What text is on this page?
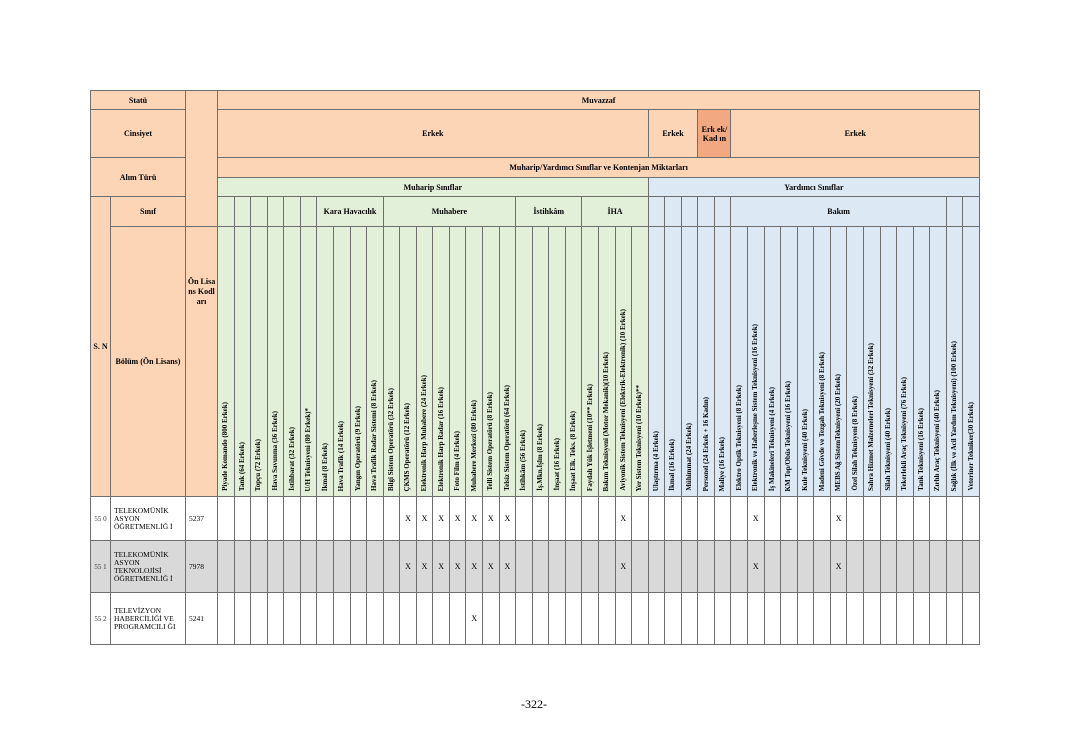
Statü			Muvazzaf																																													
Cinsiyet			Erkek																										Erkek			Erk ek/ Kad ın		Erkek														
Alım Türü			Muharip/Yardımcı Sınıflar ve Kontenjan Miktarları																																													
			Muharip Sınıflar																										Yardımcı Sınıflar																			
S. N	Sınıf								Kara Havacılık				Muhabere								İstihkâm				İHA									Bakım														
	Bölüm (Ön Lisans)	Ön Lisa ns Kodl arı	Piyade Komando (800 Erkek)	Tank (64 Erkek)	Topçu (72 Erkek)	Hava Savunma (36 Erkek)	İstihbarat (32 Erkek)	U/H Teknisyeni (80 Erkek)*	İkmal (8 Erkek)	Hava Trafik (14 Erkek)	Yangın Operatörü (9 Erkek)	Hava Trafik Radar Sistemi (8 Erkek)	Bilgi Sistem Operatörü (32 Erkek)	ÇKMS Operatörü (12 Erkek)	Elektronik Harp Muhabere (24 Erkek)	Elektronik Harp Radar (16 Erkek)	Foto Film (4 Erkek)	Muhabere Merkezi (80 Erkek)	Telli Sistem Operatörü (8 Erkek)	Telsiz Sistem Operatörü (64 Erkek)	İstihkâm (56 Erkek)	İş.Mkn.İşlm (8 Erkek)	İnşaat (16 Erkek)	İnşaat Elk. Teks. (8 Erkek)	Faydalı Yük İşletmeni (10** Erkek)	Bakım Teknisyeni (Motor Mekanik)(10 Erkek)	Aviyonik Sistem Teknisyeni (Elektrik-Elektronik) (10 Erkek)	Yer Sistem Teknisyeni (10 Erkek)**	Ulaştırma (4 Erkek)	İkmal (16 Erkek)	Mühimmat (24 Erkek)	Personel (24 Erkek + 16 Kadın)	Maliye (16 Erkek)	Elektro Optik Teknisyeni (8 Erkek)	Elektronik ve Haberleşme Sistem Teknisyeni (16 Erkek)	İş Makineleri Teknisyeni (4 Erkek)	KM Top/Obüs Teknisyeni (16 Erkek)	Kule Teknisyeni (40 Erkek)	Madeni Gövde ve Tezgah Teknisyeni (8 Erkek)	MEBS Ağ SistemTeknisyeni (20 Erkek)	Özel Silah Teknisyeni (8 Erkek)	Sahra Hizmet Malzemeleri Teknisyeni (32 Erkek)	Silah Teknisyeni (40 Erkek)	Tekerlekli Araç Teknisyeni (76 Erkek)	Tank Teknisyeni (16 Erkek)	Zırhlı Araç Teknisyeni (40 Erkek)	Sağlık (İlk ve Acil Yardım Teknisyeni) (100 Erkek)	Veteriner Tekniker(30 Erkek)

55 0	TELEKOMÜNİK ASYON ÖĞRETMENLİĞ İ	5237												X	X	X	X	X	X	X							X								X					X								
55 1	TELEKOMÜNİK ASYON TEKNOLOJİSİ ÖĞRETMENLİĞ İ	7978												X	X	X	X	X	X	X							X								X					X								
55 2	TELEVİZYON HABERCİLİĞİ VE PROGRAMCILI ĞI	5241																X																														
-322-
